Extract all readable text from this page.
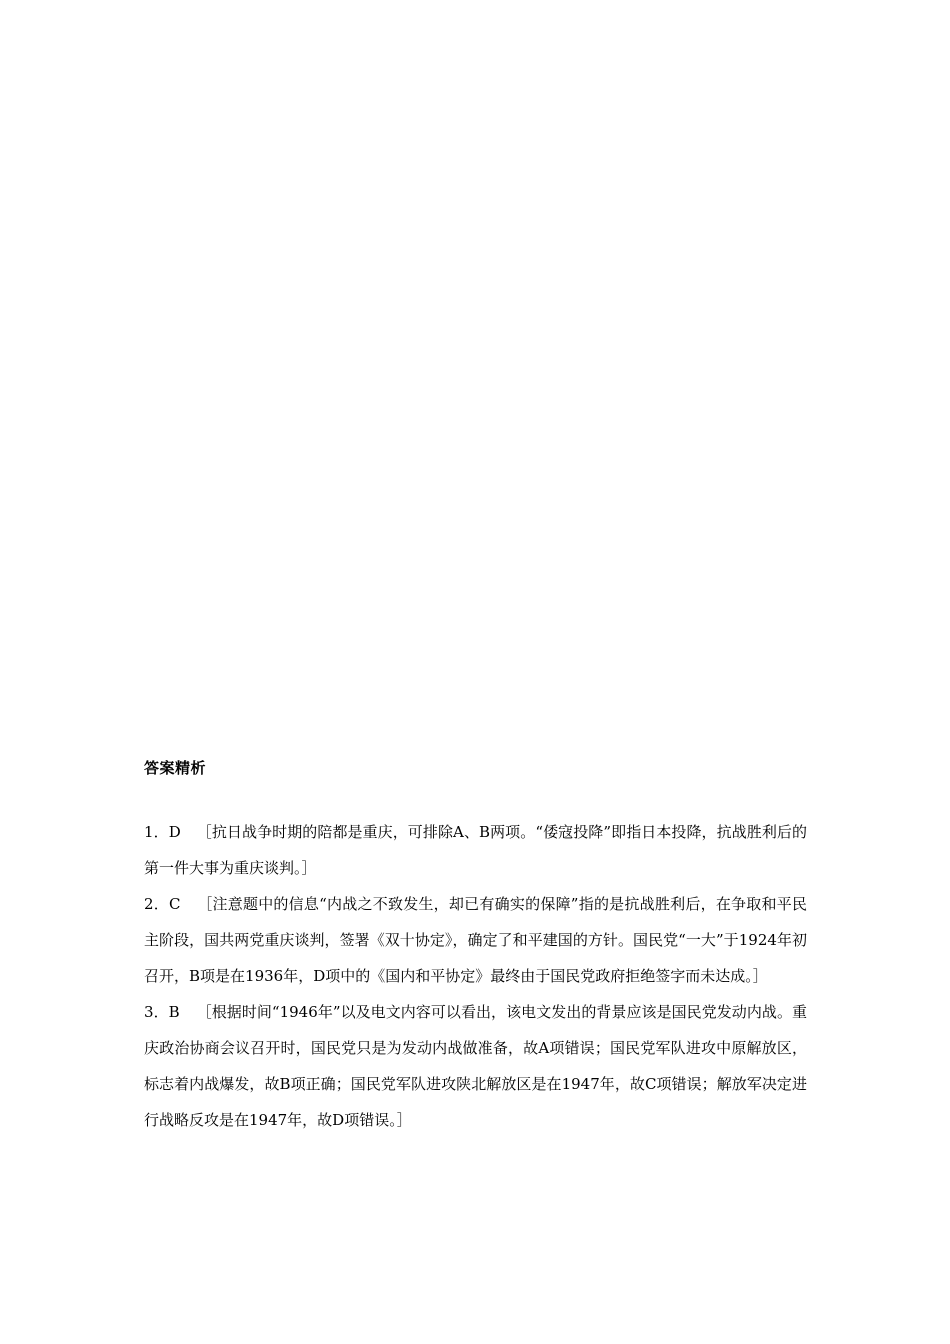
答案精析
1．D ［抗日战争时期的陪都是重庆，可排除A、B两项。“倭寇投降”即指日本投降，抗战胜利后的第一件大事为重庆谈判。］
2．C ［注意题中的信息“内战之不致发生，却已有确实的保障”指的是抗战胜利后，在争取和平民主阶段，国共两党重庆谈判，签署《双十协定》，确定了和平建国的方针。国民党“一大”于1924年初召开，B项是在1936年，D项中的《国内和平协定》最终由于国民党政府拒绝签字而未达成。］
3．B ［根据时间“1946年”以及电文内容可以看出，该电文发出的背景应该是国民党发动内战。重庆政治协商会议召开时，国民党只是为发动内战做准备，故A项错误；国民党军队进攻中原解放区，标志着内战爆发，故B项正确；国民党军队进攻陕北解放区是在1947年，故C项错误；解放军决定进行战略反攻是在1947年，故D项错误。］
